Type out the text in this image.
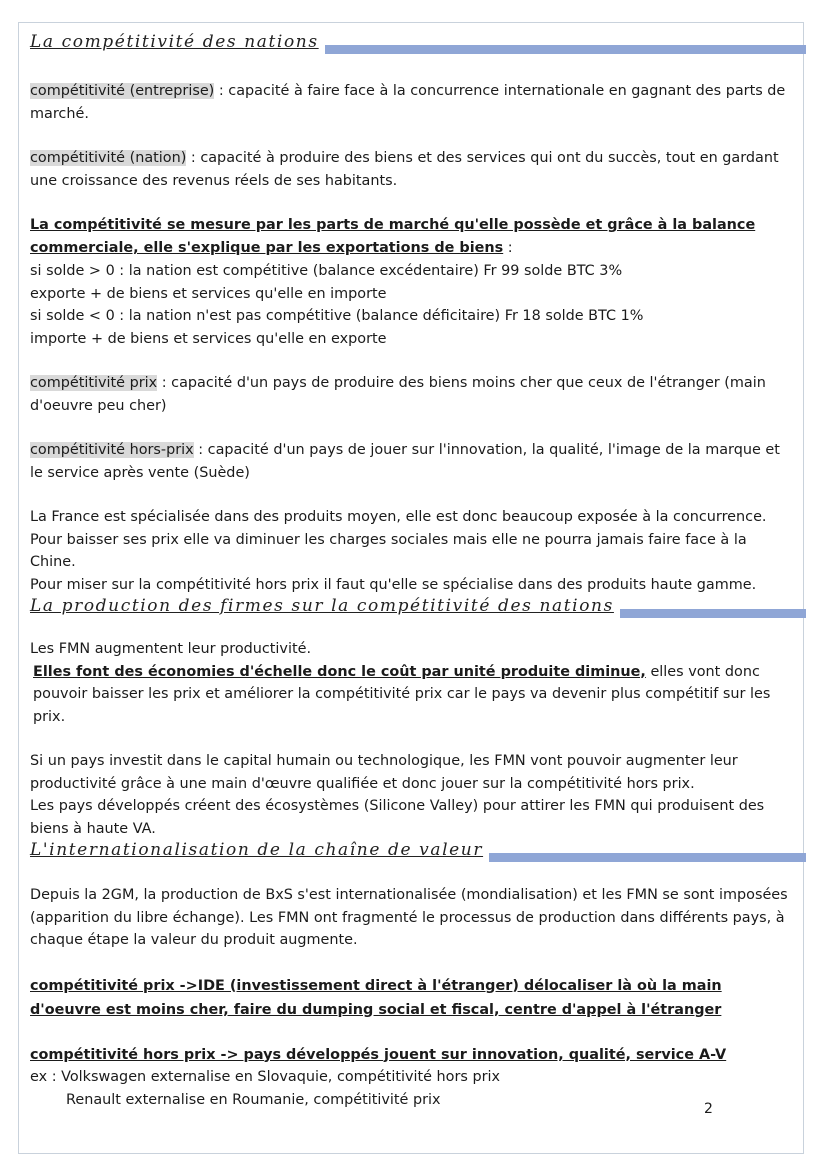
La compétitivité des nations

compétitivité (entreprise) : capacité à faire face à la concurrence internationale en gagnant des parts de marché.

compétitivité (nation) : capacité à produire des biens et des services qui ont du succès, tout en gardant une croissance des revenus réels de ses habitants.

La compétitivité se mesure par les parts de marché qu'elle possède et grâce à la balance commerciale, elle s'explique par les exportations de biens :

si solde > 0 : la nation est compétitive (balance excédentaire) Fr 99 solde BTC 3%

exporte + de biens et services qu'elle en importe

si solde < 0 : la nation n'est pas compétitive (balance déficitaire) Fr 18 solde BTC 1%

importe + de biens et services qu'elle en exporte

compétitivité prix : capacité d'un pays de produire des biens moins cher que ceux de l'étranger (main d'oeuvre peu cher)

compétitivité hors-prix : capacité d'un pays de jouer sur l'innovation, la qualité, l'image de la marque et le service après vente (Suède)

La France est spécialisée dans des produits moyen, elle est donc beaucoup exposée à la concurrence.

Pour baisser ses prix elle va diminuer les charges sociales mais elle ne pourra jamais faire face à la Chine.

Pour miser sur la compétitivité hors prix il faut qu'elle se spécialise dans des produits haute gamme.

La production des firmes sur la compétitivité des nations

Les FMN augmentent leur productivité.

Elles font des économies d'échelle donc le coût par unité produite diminue, elles vont donc pouvoir baisser les prix et améliorer la compétitivité prix car le pays va devenir plus compétitif sur les prix.

Si un pays investit dans le capital humain ou technologique, les FMN vont pouvoir augmenter leur productivité grâce à une main d'œuvre qualifiée et donc jouer sur la compétitivité hors prix.

Les pays développés créent des écosystèmes (Silicone Valley) pour attirer les FMN qui produisent des biens à haute VA.

L'internationalisation de la chaîne de valeur

Depuis la 2GM, la production de BxS s'est internationalisée (mondialisation) et les FMN se sont imposées (apparition du libre échange). Les FMN ont fragmenté le processus de production dans différents pays, à chaque étape la valeur du produit augmente.

compétitivité prix ->IDE (investissement direct à l'étranger) délocaliser là où la main d'oeuvre est moins cher, faire du dumping social et fiscal, centre d'appel à l'étranger

compétitivité hors prix -> pays développés jouent sur innovation, qualité, service A-V

ex : Volkswagen externalise en Slovaquie, compétitivité hors prix

Renault externalise en Roumanie, compétitivité prix

2
